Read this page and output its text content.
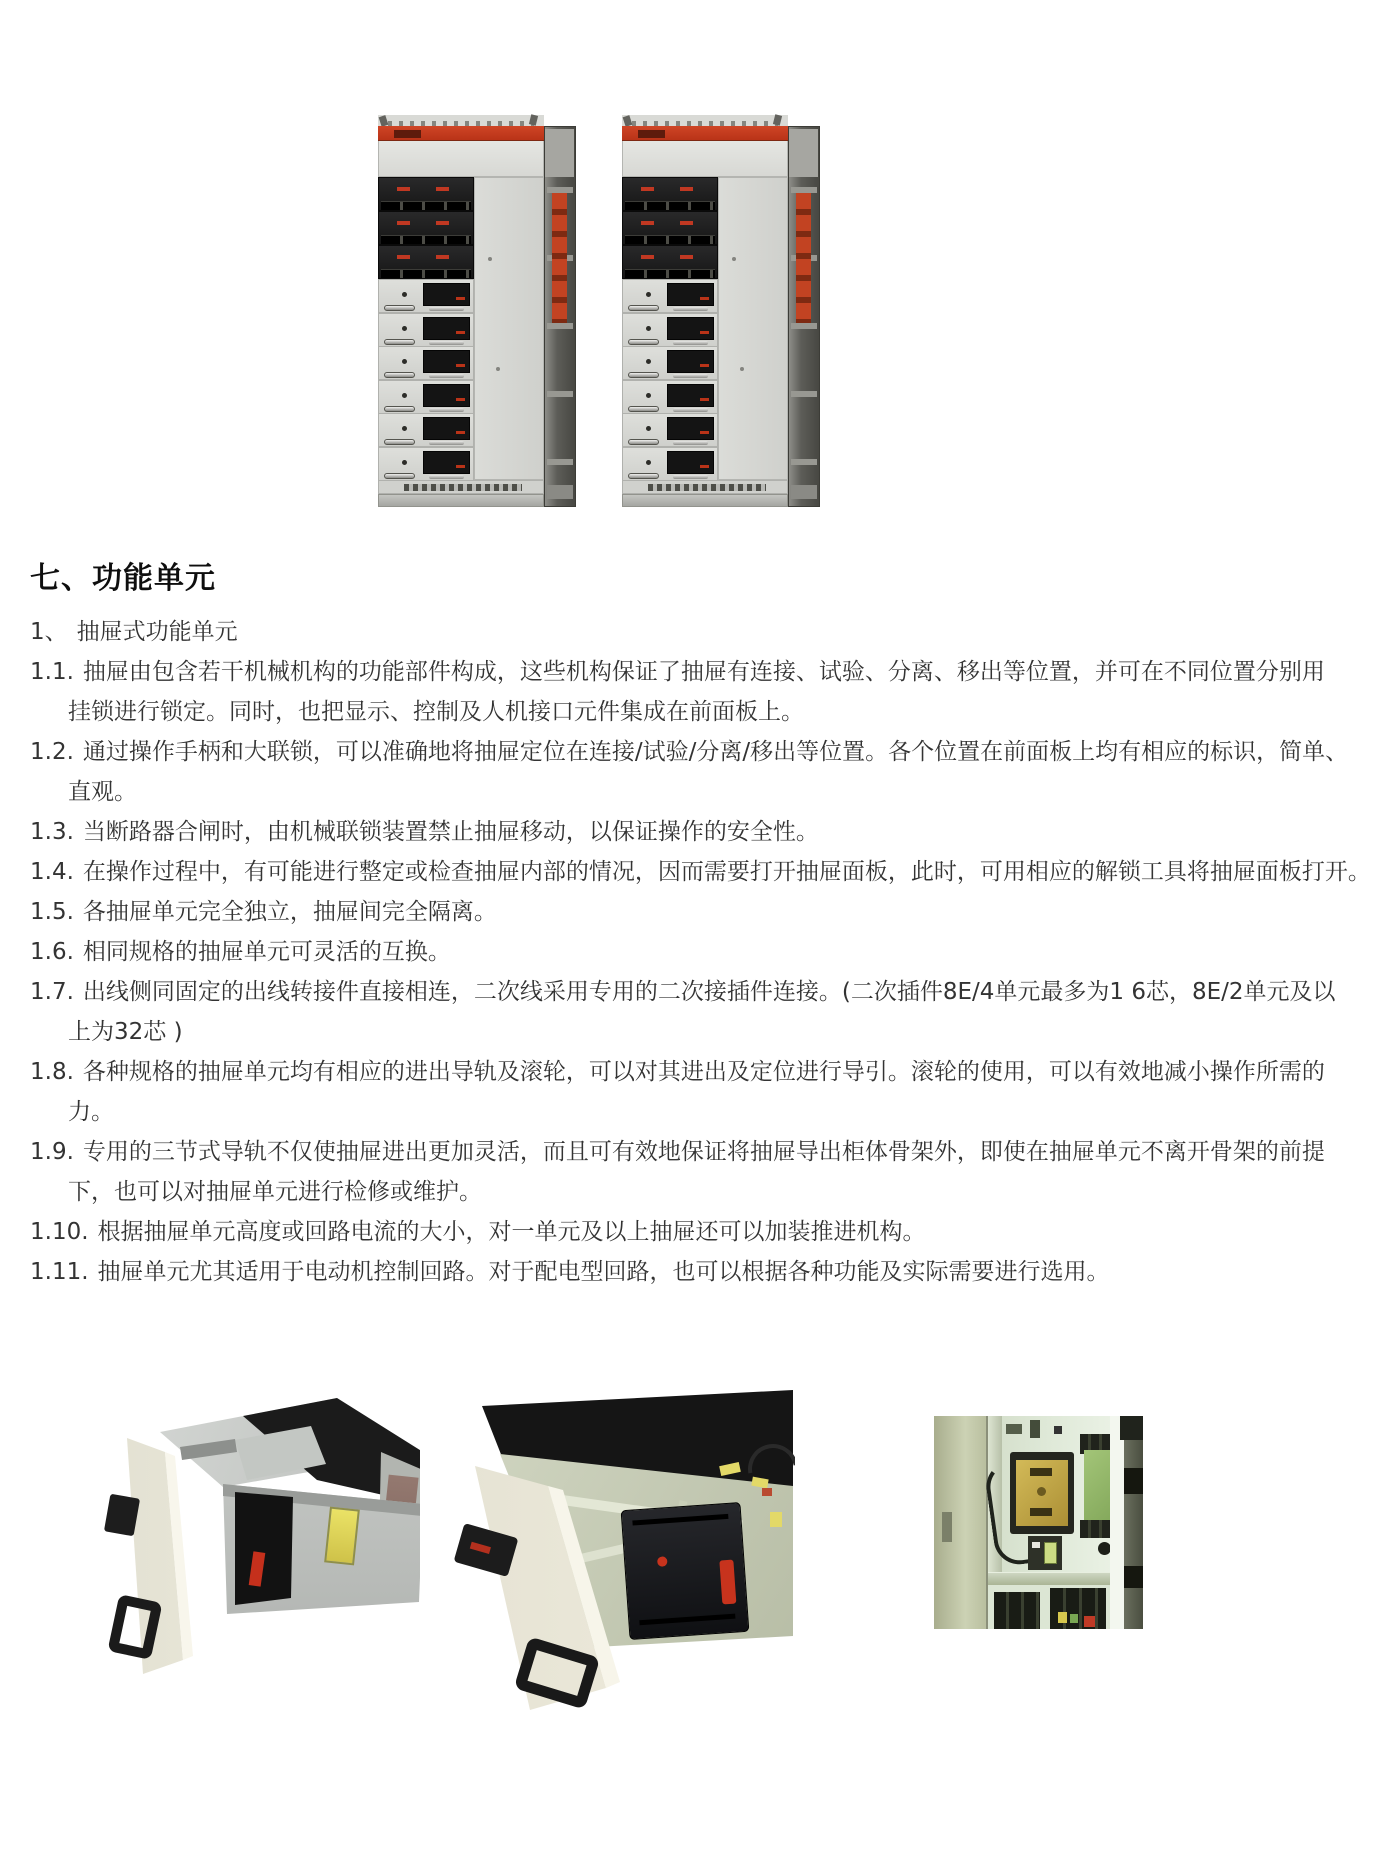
七、功能单元
1、 抽屉式功能单元
1.1. 抽屉由包含若干机械机构的功能部件构成，这些机构保证了抽屉有连接、试验、分离、移出等位置，并可在不同位置分别用
挂锁进行锁定。同时，也把显示、控制及人机接口元件集成在前面板上。
1.2. 通过操作手柄和大联锁，可以准确地将抽屉定位在连接/试验/分离/移出等位置。各个位置在前面板上均有相应的标识，简单、
直观。
1.3. 当断路器合闸时，由机械联锁装置禁止抽屉移动，以保证操作的安全性。
1.4. 在操作过程中，有可能进行整定或检查抽屉内部的情况，因而需要打开抽屉面板，此时，可用相应的解锁工具将抽屉面板打开。
1.5. 各抽屉单元完全独立，抽屉间完全隔离。
1.6. 相同规格的抽屉单元可灵活的互换。
1.7. 出线侧同固定的出线转接件直接相连，二次线采用专用的二次接插件连接。(二次插件8E/4单元最多为1 6芯，8E/2单元及以
上为32芯 )
1.8. 各种规格的抽屉单元均有相应的进出导轨及滚轮，可以对其进出及定位进行导引。滚轮的使用，可以有效地减小操作所需的
力。
1.9. 专用的三节式导轨不仅使抽屉进出更加灵活，而且可有效地保证将抽屉导出柜体骨架外，即使在抽屉单元不离开骨架的前提
下，也可以对抽屉单元进行检修或维护。
1.10. 根据抽屉单元高度或回路电流的大小，对一单元及以上抽屉还可以加装推进机构。
1.11. 抽屉单元尤其适用于电动机控制回路。对于配电型回路，也可以根据各种功能及实际需要进行选用。
